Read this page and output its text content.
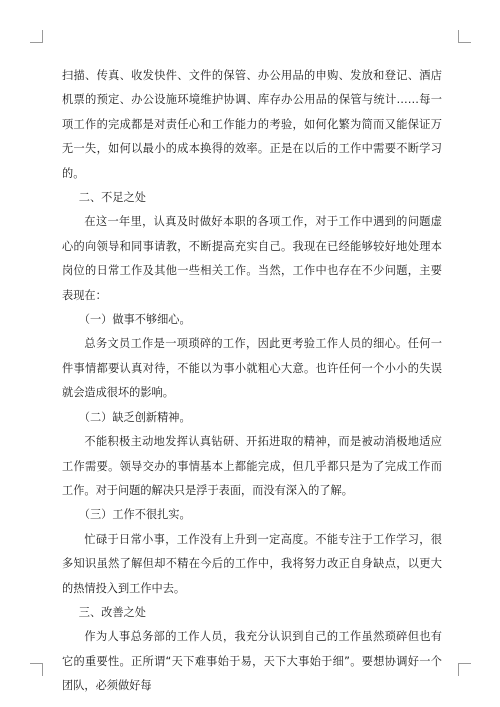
扫描、传真、收发快件、文件的保管、办公用品的申购、发放和登记、酒店机票的预定、办公设施环境维护协调、库存办公用品的保管与统计……每一项工作的完成都是对责任心和工作能力的考验，如何化繁为简而又能保证万无一失，如何以最小的成本换得的效率。正是在以后的工作中需要不断学习的。

二、不足之处

在这一年里，认真及时做好本职的各项工作，对于工作中遇到的问题虚心的向领导和同事请教，不断提高充实自己。我现在已经能够较好地处理本岗位的日常工作及其他一些相关工作。当然，工作中也存在不少问题，主要表现在：

（一）做事不够细心。

总务文员工作是一项琐碎的工作，因此更考验工作人员的细心。任何一件事情都要认真对待，不能以为事小就粗心大意。也许任何一个小小的失误就会造成很坏的影响。

（二）缺乏创新精神。

不能积极主动地发挥认真钻研、开拓进取的精神，而是被动消极地适应工作需要。领导交办的事情基本上都能完成，但几乎都只是为了完成工作而工作。对于问题的解决只是浮于表面，而没有深入的了解。

（三）工作不很扎实。

忙碌于日常小事，工作没有上升到一定高度。不能专注于工作学习，很多知识虽然了解但却不精在今后的工作中，我将努力改正自身缺点，以更大的热情投入到工作中去。

三、改善之处

作为人事总务部的工作人员，我充分认识到自己的工作虽然琐碎但也有它的重要性。正所谓“天下难事始于易，天下大事始于细”。要想协调好一个团队，必须做好每
